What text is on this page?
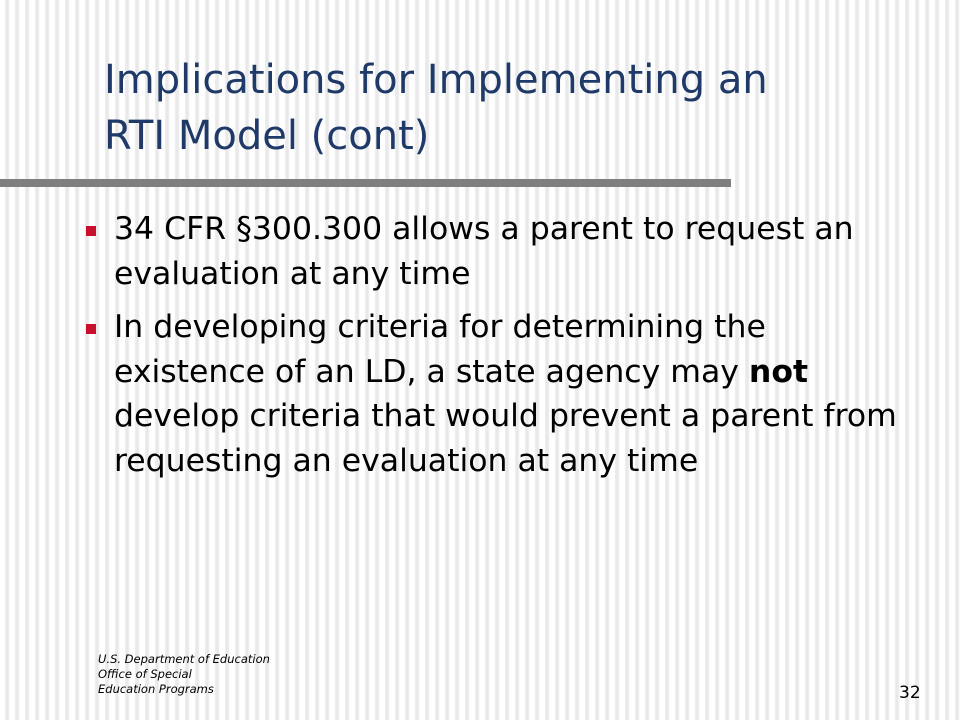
Implications for Implementing an
RTI Model (cont)
34 CFR §300.300 allows a parent to request an evaluation at any time
In developing criteria for determining the existence of an LD, a state agency may not develop criteria that would prevent a parent from requesting an evaluation at any time
U.S. Department of Education
Office of Special
Education Programs	32
